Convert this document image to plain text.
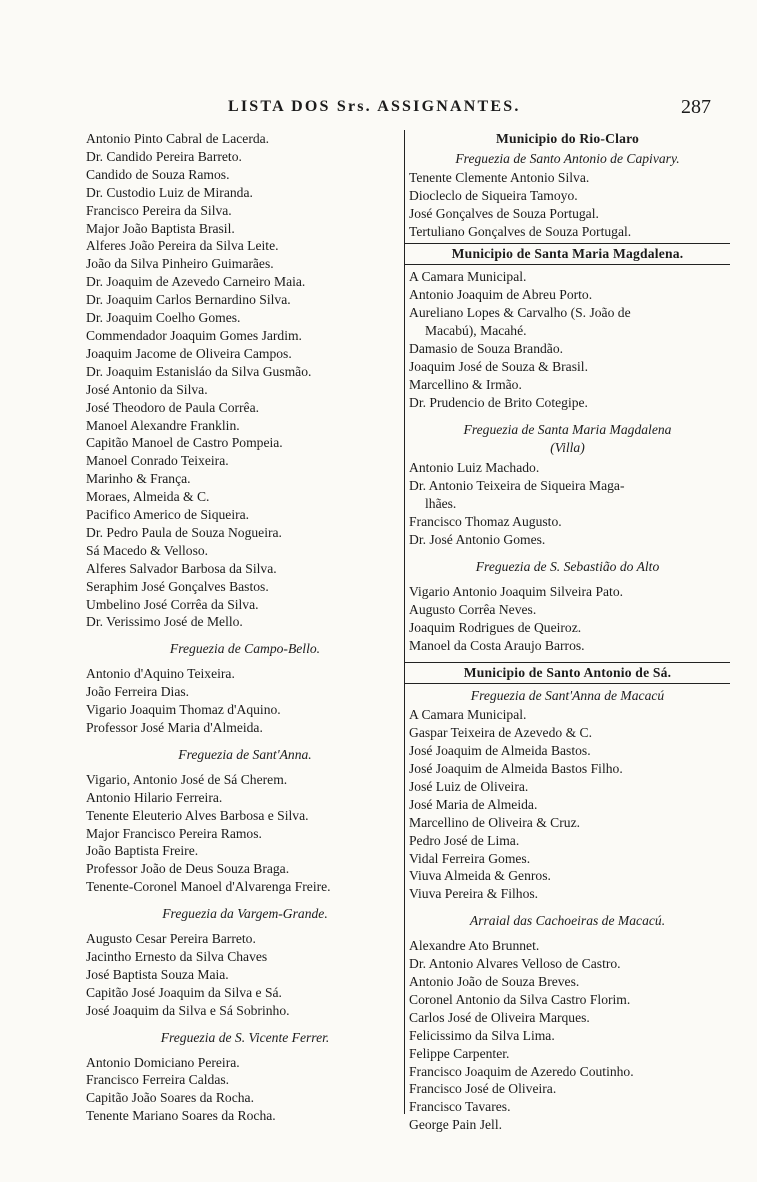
LISTA DOS Srs. ASSIGNANTES.	287
Antonio Pinto Cabral de Lacerda.
Dr. Candido Pereira Barreto.
Candido de Souza Ramos.
Dr. Custodio Luiz de Miranda.
Francisco Pereira da Silva.
Major João Baptista Brasil.
Alferes João Pereira da Silva Leite.
João da Silva Pinheiro Guimarães.
Dr. Joaquim de Azevedo Carneiro Maia.
Dr. Joaquim Carlos Bernardino Silva.
Dr. Joaquim Coelho Gomes.
Commendador Joaquim Gomes Jardim.
Joaquim Jacome de Oliveira Campos.
Dr. Joaquim Estanisláo da Silva Gusmão.
José Antonio da Silva.
José Theodoro de Paula Corrêa.
Manoel Alexandre Franklin.
Capitão Manoel de Castro Pompeia.
Manoel Conrado Teixeira.
Marinho & França.
Moraes, Almeida & C.
Pacifico Americo de Siqueira.
Dr. Pedro Paula de Souza Nogueira.
Sá Macedo & Velloso.
Alferes Salvador Barbosa da Silva.
Seraphim José Gonçalves Bastos.
Umbelino José Corrêa da Silva.
Dr. Verissimo José de Mello.
Freguezia de Campo-Bello.
Antonio d'Aquino Teixeira.
João Ferreira Dias.
Vigario Joaquim Thomaz d'Aquino.
Professor José Maria d'Almeida.
Freguezia de Sant'Anna.
Vigario, Antonio José de Sá Cherem.
Antonio Hilario Ferreira.
Tenente Eleuterio Alves Barbosa e Silva.
Major Francisco Pereira Ramos.
João Baptista Freire.
Professor João de Deus Souza Braga.
Tenente-Coronel Manoel d'Alvarenga Freire.
Freguezia da Vargem-Grande.
Augusto Cesar Pereira Barreto.
Jacintho Ernesto da Silva Chaves
José Baptista Souza Maia.
Capitão José Joaquim da Silva e Sá.
José Joaquim da Silva e Sá Sobrinho.
Freguezia de S. Vicente Ferrer.
Antonio Domiciano Pereira.
Francisco Ferreira Caldas.
Capitão João Soares da Rocha.
Tenente Mariano Soares da Rocha.
Municipio do Rio-Claro
Freguezia de Santo Antonio de Capivary.
Tenente Clemente Antonio Silva.
Diocleclo de Siqueira Tamoyo.
José Gonçalves de Souza Portugal.
Tertuliano Gonçalves de Souza Portugal.
Municipio de Santa Maria Magdalena.
A Camara Municipal.
Antonio Joaquim de Abreu Porto.
Aureliano Lopes & Carvalho (S. João de
Macabú), Macahé.
Damasio de Souza Brandão.
Joaquim José de Souza & Brasil.
Marcellino & Irmão.
Dr. Prudencio de Brito Cotegipe.
Freguezia de Santa Maria Magdalena
(Villa)
Antonio Luiz Machado.
Dr. Antonio Teixeira de Siqueira Maga-
lhães.
Francisco Thomaz Augusto.
Dr. José Antonio Gomes.
Freguezia de S. Sebastião do Alto
Vigario Antonio Joaquim Silveira Pato.
Augusto Corrêa Neves.
Joaquim Rodrigues de Queiroz.
Manoel da Costa Araujo Barros.
Municipio de Santo Antonio de Sá.
Freguezia de Sant'Anna de Macacú
A Camara Municipal.
Gaspar Teixeira de Azevedo & C.
José Joaquim de Almeida Bastos.
José Joaquim de Almeida Bastos Filho.
José Luiz de Oliveira.
José Maria de Almeida.
Marcellino de Oliveira & Cruz.
Pedro José de Lima.
Vidal Ferreira Gomes.
Viuva Almeida & Genros.
Viuva Pereira & Filhos.
Arraial das Cachoeiras de Macacú.
Alexandre Ato Brunnet.
Dr. Antonio Alvares Velloso de Castro.
Antonio João de Souza Breves.
Coronel Antonio da Silva Castro Florim.
Carlos José de Oliveira Marques.
Felicissimo da Silva Lima.
Felippe Carpenter.
Francisco Joaquim de Azeredo Coutinho.
Francisco José de Oliveira.
Francisco Tavares.
George Pain Jell.
